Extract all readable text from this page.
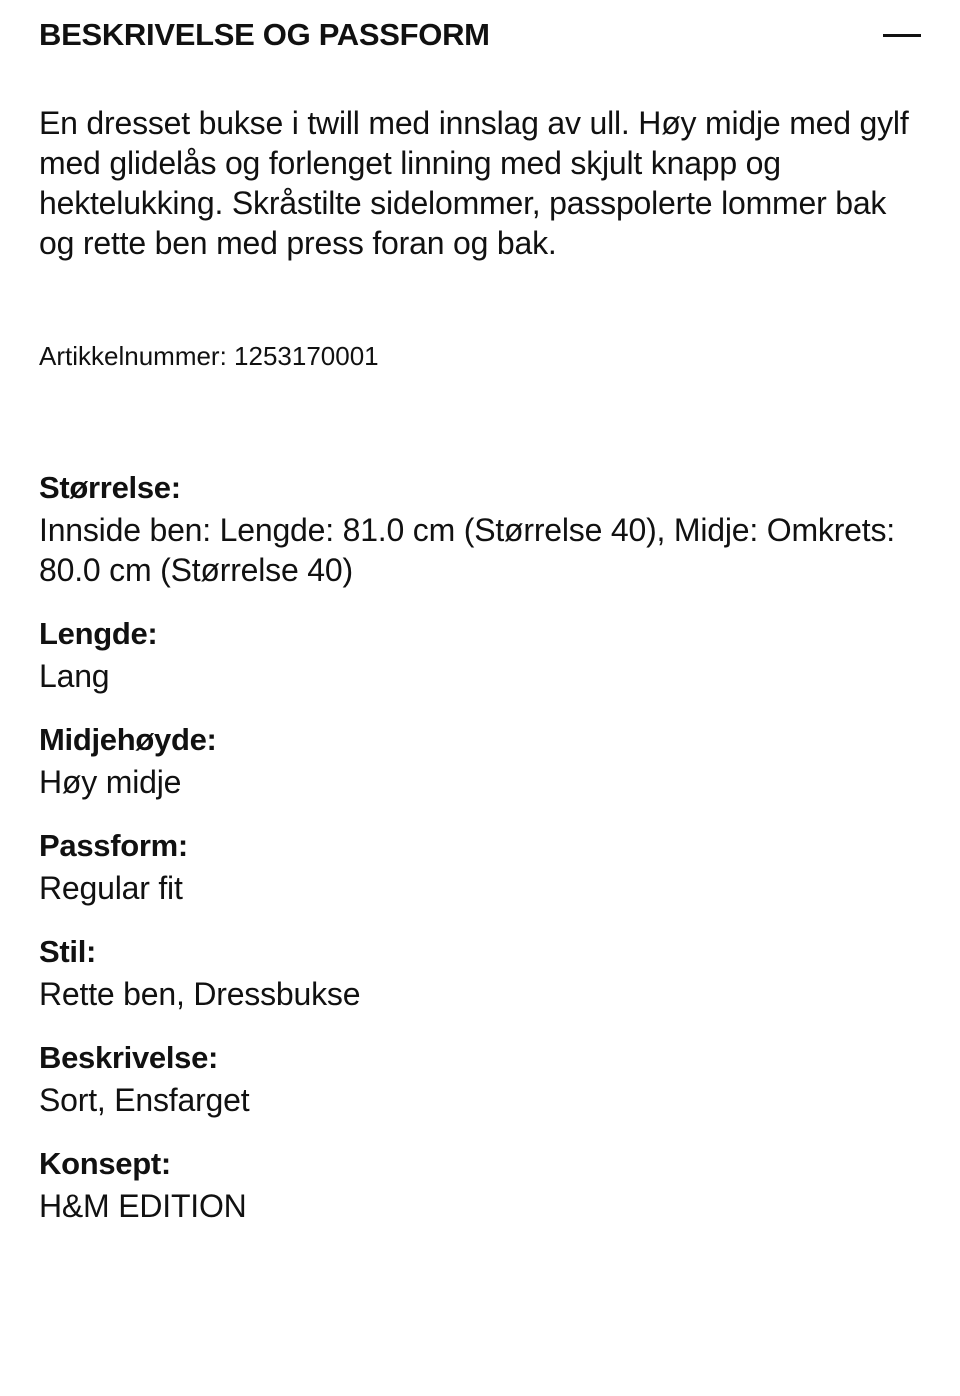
BESKRIVELSE OG PASSFORM

En dresset bukse i twill med innslag av ull. Høy midje med gylf med glidelås og forlenget linning med skjult knapp og hektelukking. Skråstilte sidelommer, passpolerte lommer bak og rette ben med press foran og bak.

Artikkelnummer: 1253170001
Størrelse:
Innside ben: Lengde: 81.0 cm (Størrelse 40), Midje: Omkrets: 80.0 cm (Størrelse 40)
Lengde:
Lang
Midjehøyde:
Høy midje
Passform:
Regular fit
Stil:
Rette ben, Dressbukse
Beskrivelse:
Sort, Ensfarget
Konsept:
H&M EDITION
